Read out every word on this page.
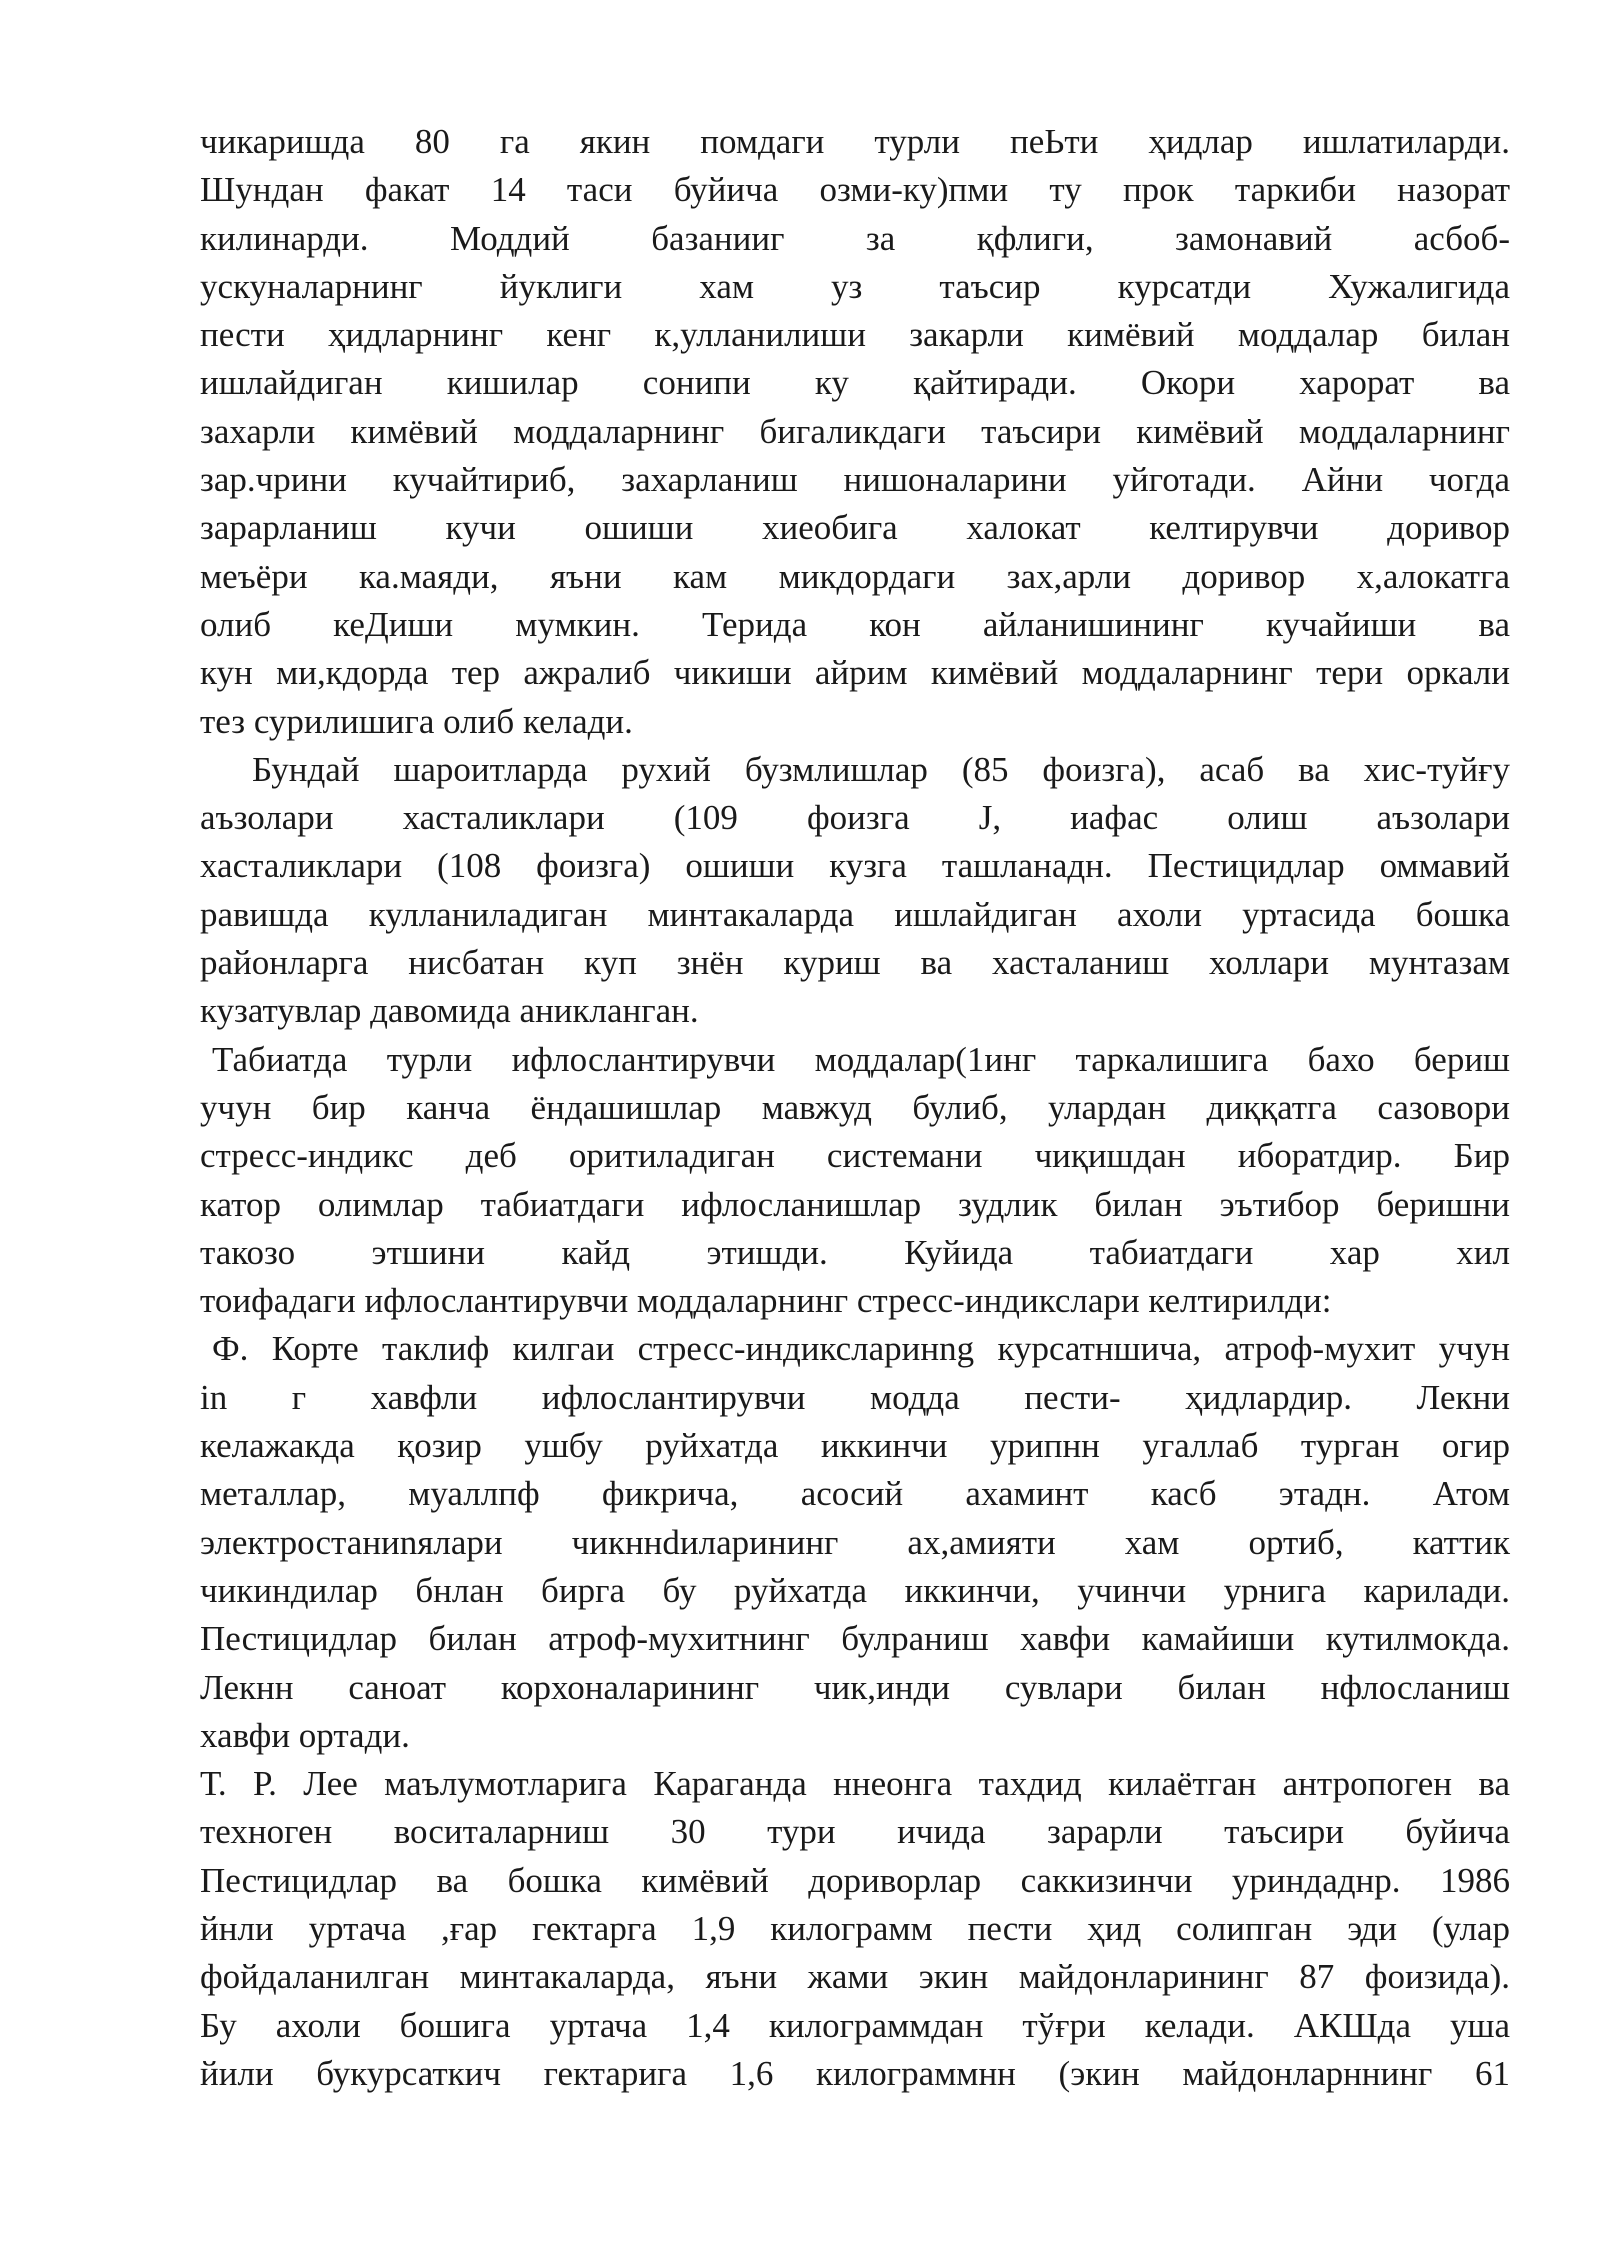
чикаришда 80 га якин помдаги турли пеЬти ҳидлар ишлатиларди.
Шундан факат 14 таси буйича озми-ку)пми ту прок таркиби назорат
килинарди. Моддий базанииг за қфлиги, замонавий асбоб-
ускуналарнинг йуклиги хам уз таъсир курсатди Хужалигида
пести ҳидларнинг кенг к,улланилиши закарли кимёвий моддалар билан
ишлайдиган кишилар сонипи ку қайтиради. Окори харорат ва
захарли кимёвий моддаларнинг бигаликдаги таъсири кимёвий моддаларнинг
зар.чрини кучайтириб, захарланиш нишоналарини уйготади. Айни чогда
зарарланиш кучи ошиши хиеобига халокат келтирувчи доривор
меъёри ка.маяди, яъни кам микдордаги зах,арли доривор х,алокатга
олиб кеДиши мумкин. Терида кон айланишининг кучайиши ва
кун ми,кдорда тер ажралиб чикиши айрим кимёвий моддаларнинг тери оркали
тез сурилишига олиб келади.
Бундай шароитларда рухий бузмлишлар (85 фоизга), асаб ва хис-туйғу
аъзолари хасталиклари (109 фоизга J, иафас олиш аъзолари
хасталиклари (108 фоизга) ошиши кузга ташланадн. Пестицидлар оммавий
равишда кулланиладиган минтакаларда ишлайдиган ахоли уртасида бошка
районларга нисбатан куп знён куриш ва хасталаниш холлари мунтазам
кузатувлар давомида аникланган.
Табиатда турли ифлослантирувчи моддалар(1инг таркалишига бахо бериш
учун бир канча ёндашишлар мавжуд булиб, улардан диққатга сазовори
стресс-индикс деб оритиладиган системани чиқишдан иборатдир. Бир
катор олимлар табиатдаги ифлосланишлар зудлик билан эътибор беришни
такозо этшини кайд этишди. Куйида табиатдаги хар хил
тоифадаги ифлослантирувчи моддаларнинг стресс-индикслари келтирилди:
Ф. Корте таклиф килгаи стресс-индиксларинng курсатншича, атроф-мухит учун
in г хавфли ифлослантирувчи модда пести- ҳидлардир. Лекни
келажакда қозир ушбу руйхатда иккинчи урипнн угаллаб турган огир
металлар, муаллпф фикрича, асосий ахаминт касб этадн. Атом
электростаниnялари чикннdиларининг ах,амияти хам ортиб, каттик
чикиндилар бнлан бирга бу руйхатда иккинчи, учинчи урнига карилади.
Пестицидлар билан атроф-мухитнинг булраниш хавфи камайиши кутилмокда.
Лекнн саноат корхоналарининг чик,инди сувлари билан нфлосланиш
хавфи ортади.
Т. Р. Лее маълумотларига Караганда ннеонга тахдид килаётган антропоген ва
техноген воситаларниш 30 тури ичида зарарли таъсири буйича
Пестицидлар ва бошка кимёвий дориворлар саккизинчи уриндаднр. 1986
йнли уртача ,ғар гектарга 1,9 килограмм пести ҳид солипган эди (улар
фойдаланилган минтакаларда, яъни жами экин майдонларининг 87 фоизида).
Бу ахоли бошига уртача 1,4 килограммдан тўғри келади. АКШда уша
йили букурсаткич гектарига 1,6 килограммнн (экин майдонларннинг 61
